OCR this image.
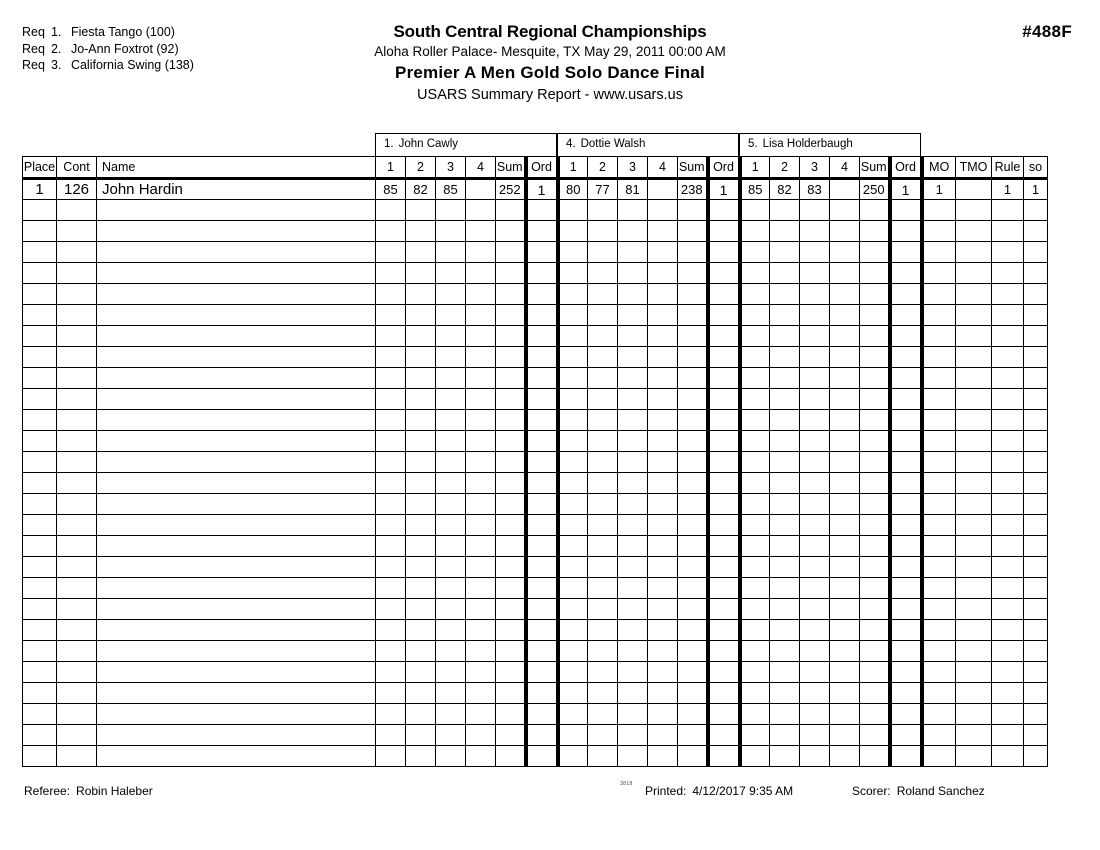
Req 1. Fiesta Tango (100)
Req 2. Jo-Ann Foxtrot (92)
Req 3. California Swing (138)
South Central Regional Championships
Aloha Roller Palace- Mesquite, TX May 29, 2011 00:00 AM
Premier A Men Gold Solo Dance Final
USARS Summary Report - www.usars.us
#488F
1. John Cawly	4. Dottie Walsh	5. Lisa Holderbaugh
Place	Cont	Name	1	2	3	4	Sum	Ord	1	2	3	4	Sum	Ord	1	2	3	4	Sum	Ord	MO	TMO	Rule	so
1	126	John Hardin	85	82	85		252	1	80	77	81		238	1	85	82	83		250	1	1		1	1

Referee: Robin Haleber	3818 Printed: 4/12/2017 9:35 AM	Scorer: Roland Sanchez
